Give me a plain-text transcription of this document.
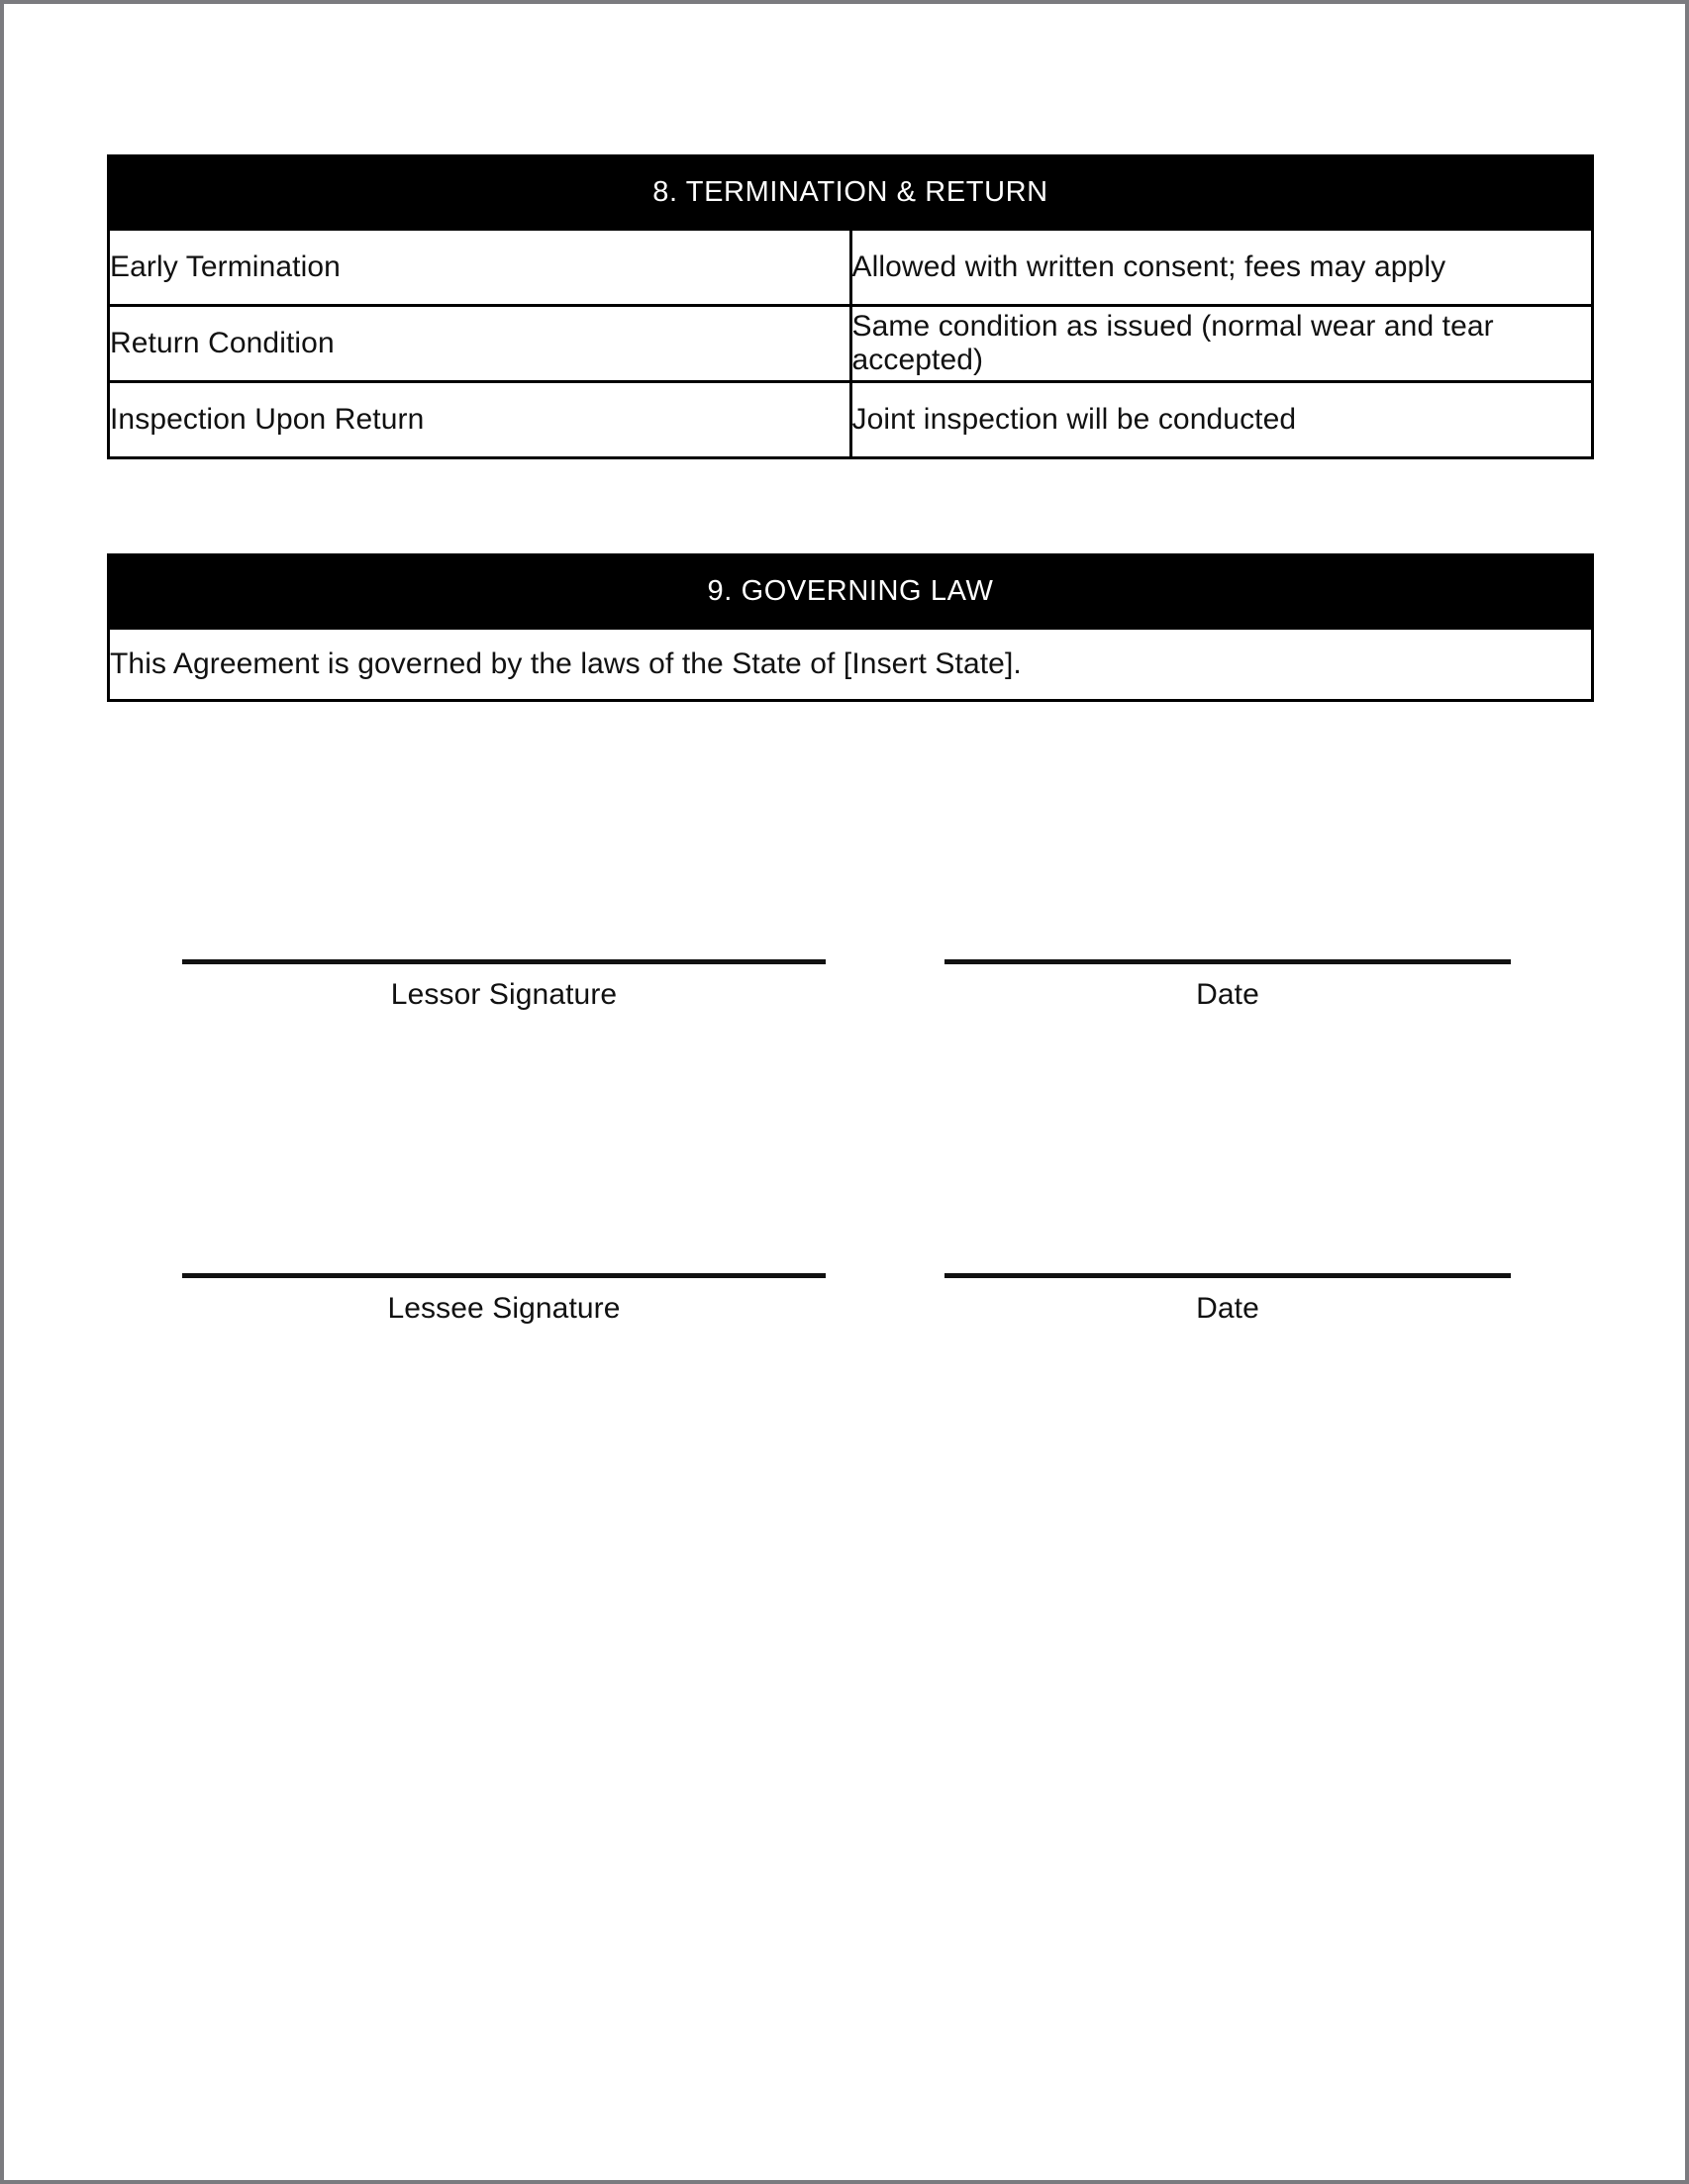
8. TERMINATION & RETURN	
Early Termination	Allowed with written consent; fees may apply
Return Condition	Same condition as issued (normal wear and tear accepted)
Inspection Upon Return	Joint inspection will be conducted
9. GOVERNING LAW
This Agreement is governed by the laws of the State of [Insert State].
Lessor Signature	Date
Lessee Signature	Date
